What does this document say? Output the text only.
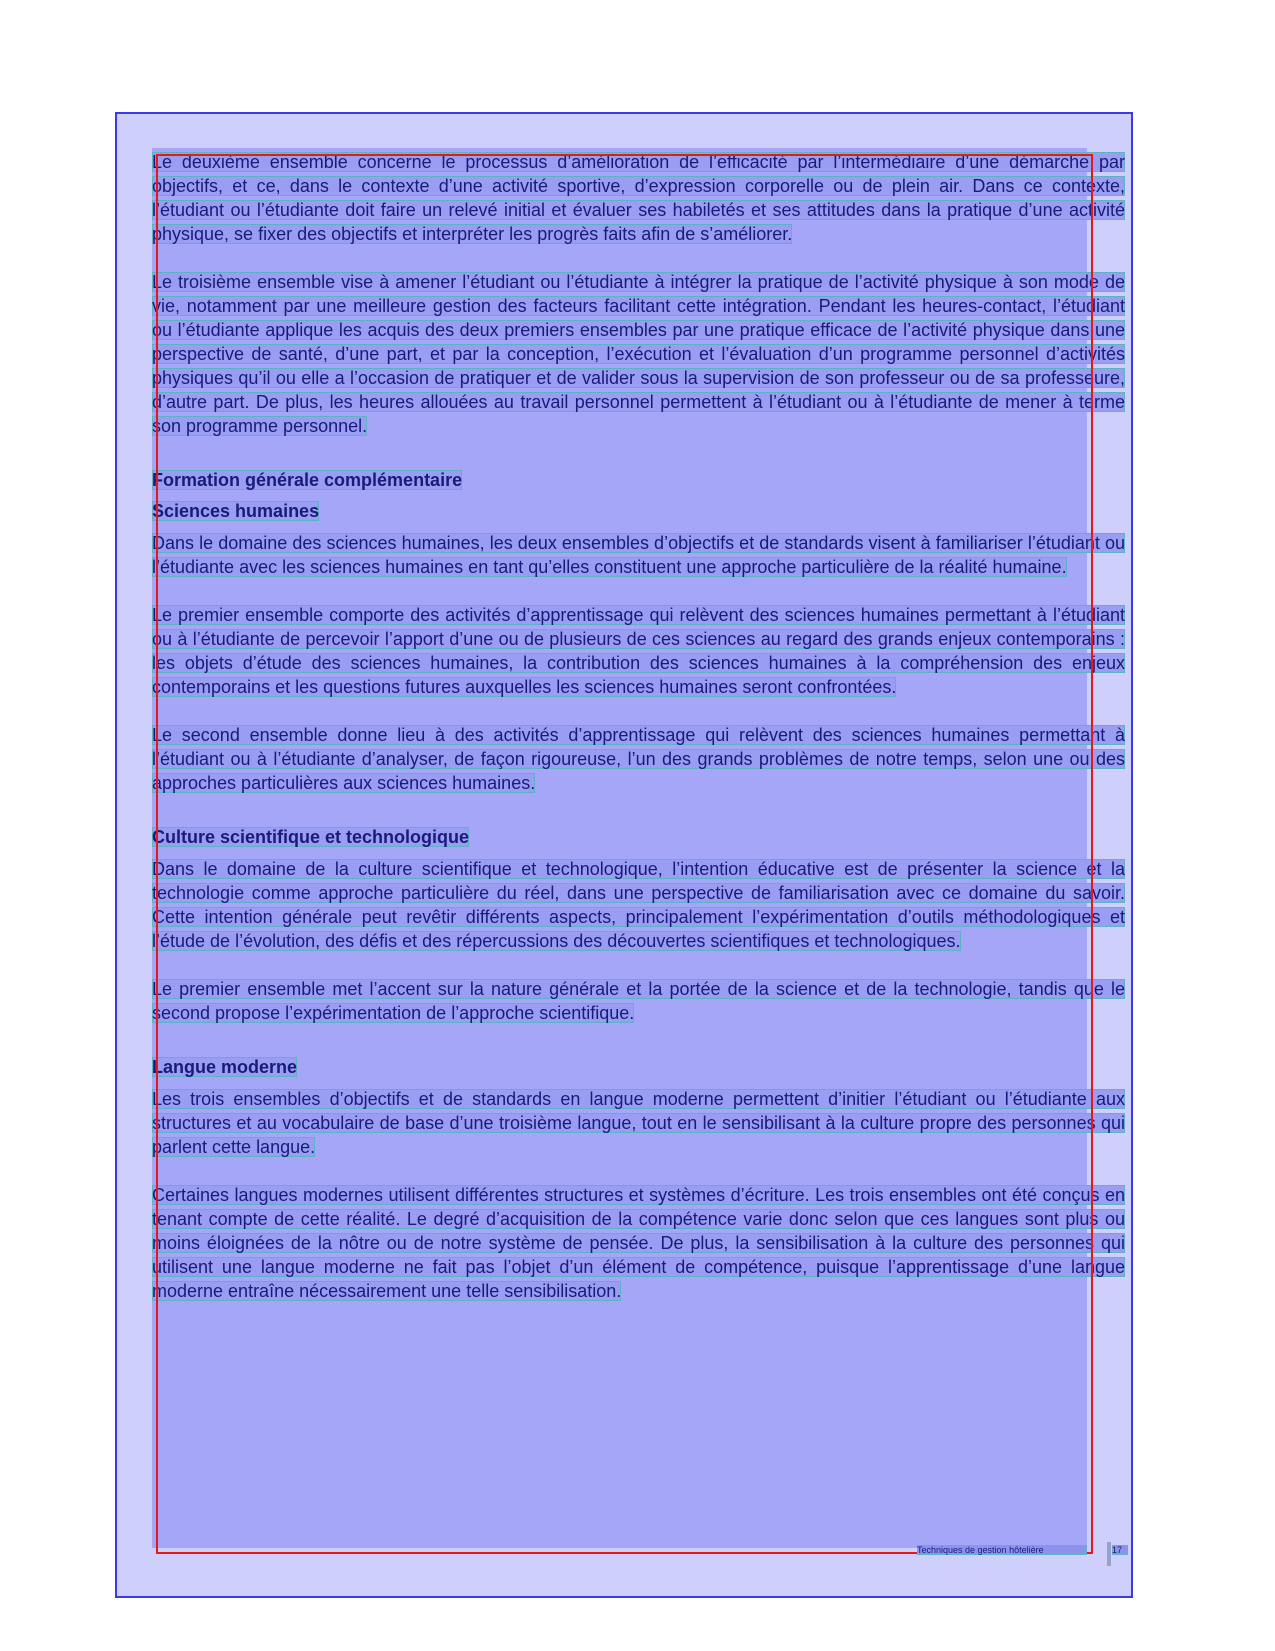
Le deuxième ensemble concerne le processus d’amélioration de l’efficacité par l’intermédiaire d’une démarche par objectifs, et ce, dans le contexte d’une activité sportive, d’expression corporelle ou de plein air. Dans ce contexte, l’étudiant ou l’étudiante doit faire un relevé initial et évaluer ses habiletés et ses attitudes dans la pratique d’une activité physique, se fixer des objectifs et interpréter les progrès faits afin de s’améliorer.

Le troisième ensemble vise à amener l’étudiant ou l’étudiante à intégrer la pratique de l’activité physique à son mode de vie, notamment par une meilleure gestion des facteurs facilitant cette intégration. Pendant les heures-contact, l’étudiant ou l’étudiante applique les acquis des deux premiers ensembles par une pratique efficace de l’activité physique dans une perspective de santé, d’une part, et par la conception, l’exécution et l’évaluation d’un programme personnel d’activités physiques qu’il ou elle a l’occasion de pratiquer et de valider sous la supervision de son professeur ou de sa professeure, d’autre part. De plus, les heures allouées au travail personnel permettent à l’étudiant ou à l’étudiante de mener à terme son programme personnel.

Formation générale complémentaire
Sciences humaines

Dans le domaine des sciences humaines, les deux ensembles d’objectifs et de standards visent à familiariser l’étudiant ou l’étudiante avec les sciences humaines en tant qu’elles constituent une approche particulière de la réalité humaine.

Le premier ensemble comporte des activités d’apprentissage qui relèvent des sciences humaines permettant à l’étudiant ou à l’étudiante de percevoir l’apport d’une ou de plusieurs de ces sciences au regard des grands enjeux contemporains : les objets d’étude des sciences humaines, la contribution des sciences humaines à la compréhension des enjeux contemporains et les questions futures auxquelles les sciences humaines seront confrontées.

Le second ensemble donne lieu à des activités d’apprentissage qui relèvent des sciences humaines permettant à l’étudiant ou à l’étudiante d’analyser, de façon rigoureuse, l’un des grands problèmes de notre temps, selon une ou des approches particulières aux sciences humaines.

Culture scientifique et technologique

Dans le domaine de la culture scientifique et technologique, l’intention éducative est de présenter la science et la technologie comme approche particulière du réel, dans une perspective de familiarisation avec ce domaine du savoir. Cette intention générale peut revêtir différents aspects, principalement l’expérimentation d’outils méthodologiques et l’étude de l’évolution, des défis et des répercussions des découvertes scientifiques et technologiques.

Le premier ensemble met l’accent sur la nature générale et la portée de la science et de la technologie, tandis que le second propose l’expérimentation de l’approche scientifique.

Langue moderne

Les trois ensembles d’objectifs et de standards en langue moderne permettent d’initier l’étudiant ou l’étudiante aux structures et au vocabulaire de base d’une troisième langue, tout en le sensibilisant à la culture propre des personnes qui parlent cette langue.

Certaines langues modernes utilisent différentes structures et systèmes d’écriture. Les trois ensembles ont été conçus en tenant compte de cette réalité. Le degré d’acquisition de la compétence varie donc selon que ces langues sont plus ou moins éloignées de la nôtre ou de notre système de pensée. De plus, la sensibilisation à la culture des personnes qui utilisent une langue moderne ne fait pas l’objet d’un élément de compétence, puisque l’apprentissage d’une langue moderne entraîne nécessairement une telle sensibilisation.

Techniques de gestion hôtelière	17
